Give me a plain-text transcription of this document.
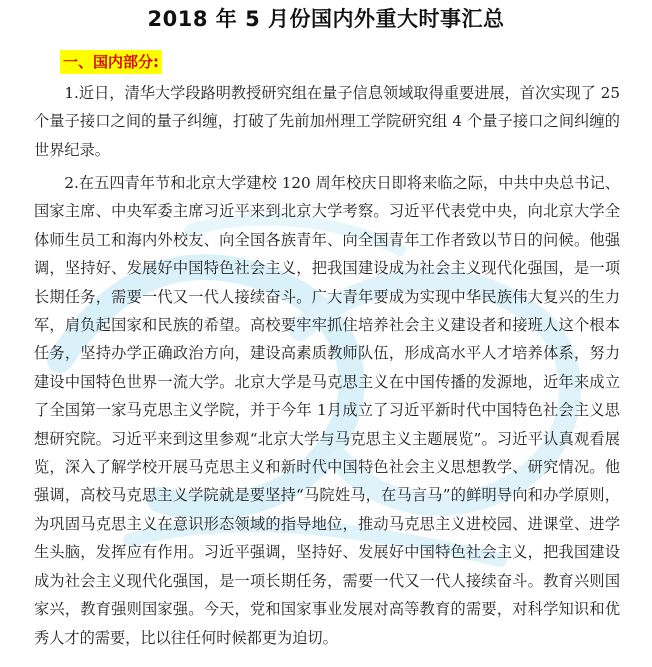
2018 年 5 月份国内外重大时事汇总
一、国内部分:

1.近日，清华大学段路明教授研究组在量子信息领域取得重要进展，首次实现了 25 个量子接口之间的量子纠缠，打破了先前加州理工学院研究组 4 个量子接口之间纠缠的世界纪录。

2.在五四青年节和北京大学建校 120 周年校庆日即将来临之际，中共中央总书记、国家主席、中央军委主席习近平来到北京大学考察。习近平代表党中央，向北京大学全体师生员工和海内外校友、向全国各族青年、向全国青年工作者致以节日的问候。他强调，坚持好、发展好中国特色社会主义，把我国建设成为社会主义现代化强国，是一项长期任务，需要一代又一代人接续奋斗。广大青年要成为实现中华民族伟大复兴的生力军，肩负起国家和民族的希望。高校要牢牢抓住培养社会主义建设者和接班人这个根本任务，坚持办学正确政治方向，建设高素质教师队伍，形成高水平人才培养体系，努力建设中国特色世界一流大学。北京大学是马克思主义在中国传播的发源地，近年来成立了全国第一家马克思主义学院，并于今年 1月成立了习近平新时代中国特色社会主义思想研究院。习近平来到这里参观“北京大学与马克思主义主题展览”。习近平认真观看展览，深入了解学校开展马克思主义和新时代中国特色社会主义思想教学、研究情况。他强调，高校马克思主义学院就是要坚持“马院姓马，在马言马”的鲜明导向和办学原则，为巩固马克思主义在意识形态领域的指导地位，推动马克思主义进校园、进课堂、进学生头脑，发挥应有作用。习近平强调，坚持好、发展好中国特色社会主义，把我国建设成为社会主义现代化强国，是一项长期任务，需要一代又一代人接续奋斗。教育兴则国家兴，教育强则国家强。今天，党和国家事业发展对高等教育的需要，对科学知识和优秀人才的需要，比以往任何时候都更为迫切。
